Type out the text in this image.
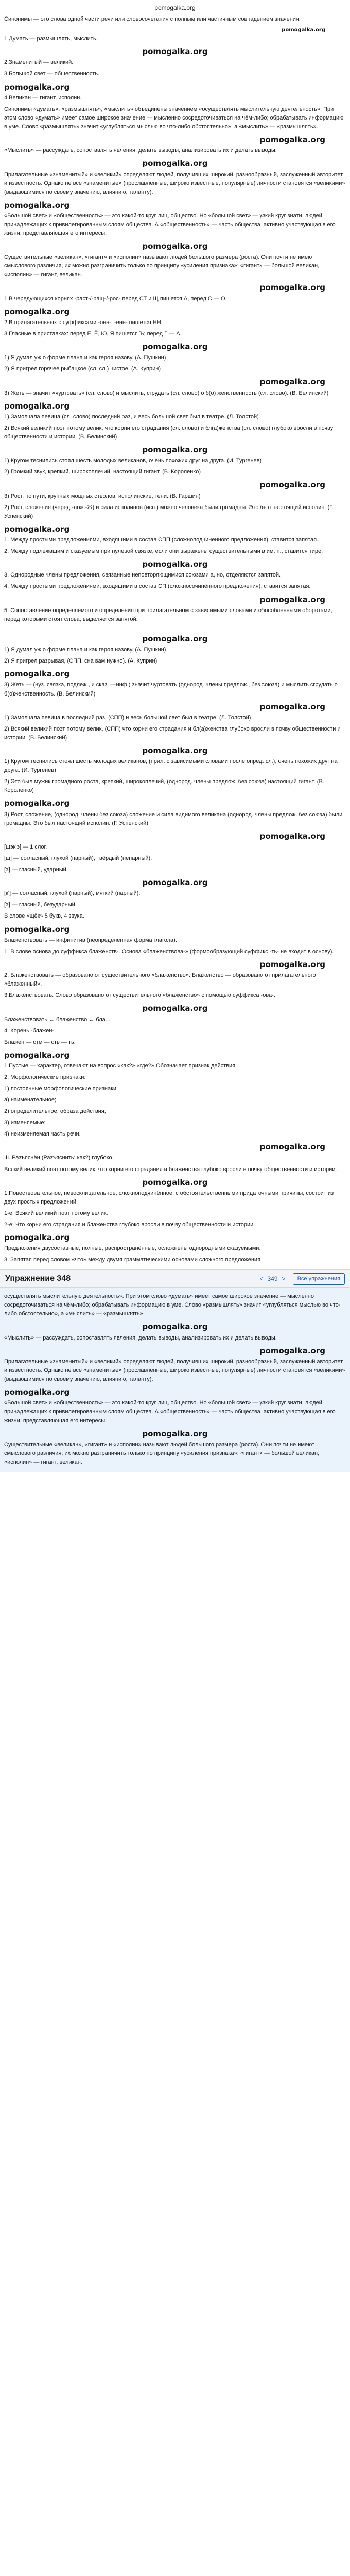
pomogalka.org

Синонимы — это слова одной части речи или словосочетания с полным или частичным совпадением значения.

pomogalka.org

1.Думать — размышлять, мыслить.

pomogalka.org

2.Знаменитый — великий.

3.Большой свет — общественность.

pomogalka.org

4.Великан — гигант, исполин.

Синонимы «думать», «размышлять», «мыслить» объединены значением «осуществлять мыслительную деятельность». При этом слово «думать» имеет самое широкое значение — мысленно сосредоточиваться на чём-либо; обрабатывать информацию в уме. Слово «размышлять» значит «углубляться мыслью во что-либо обстоятельно», а «мыслить» — «размышлять».

pomogalka.org

«Мыслить» — рассуждать, сопоставлять явления, делать выводы, анализировать их и делать выводы.

pomogalka.org

Прилагательные «знаменитый» и «великий» определяют людей, получивших широкий, разнообразный, заслуженный авторитет и известность. Однако не все «знаменитые» (прославленные, широко известные, популярные) личности становятся «великими» (выдающимися по своему значению, влиянию, таланту).

pomogalka.org

«Большой свет» и «общественность» — это какой-то круг лиц, общество. Но «большой свет» — узкий круг знати, людей, принадлежащих к привилегированным слоям общества. А «общественность» — часть общества, активно участвующая в его жизни, представляющая его интересы.

pomogalka.org

Существительные «великан», «гигант» и «исполин» называют людей большого размера (роста). Они почти не имеют смыслового различия, их можно разграничить только по принципу «усиления признака»: «гигант» — большой великан, «исполин» — гигант, великан.

pomogalka.org

1.В чередующихся корнях -раст-/-ращ-/-рос- перед СТ и Щ пишется А, перед С — О.

pomogalka.org

2.В прилагательных с суффиксами -онн-, -енн- пишется НН.

3.Гласные в приставках: перед Е, Ё, Ю, Я пишется Ъ; перед Г — А.

pomogalka.org

1) Я думал уж о форме плана и как героя назову. (А. Пушкин)

2) Я пригрел горячее рыбацкое (сл. сл.) чистое. (А. Куприн)

pomogalka.org

3) Жеть — значит «чуртовать» (сл. слово) и мыслить, сгрудать (сл. слово) о б(о) женственность (сл. слово). (В. Белинский)

pomogalka.org

1) Замолчала певица (сл. слово) последний раз, и весь большой свет был в театре. (Л. Толстой)

2) Всякий великий поэт потому велик, что корни его страдания (сл. слово) и бл(а)женства (сл. слово) глубоко вросли в почву общественности и истории. (В. Белинский)

pomogalka.org

1) Кругом теснились стоял шесть молодых великанов, очень похожих друг на друга. (И. Тургенев)

2) Громкий звук, крепкий, широкоплечий, настоящий гигант. (В. Короленко)

pomogalka.org

3) Рост, по пути, крупных мощных стволов, исполинские, тени. (В. Гаршин)

2) Рост, сложение (черед.-лож.-Ж) и сила исполинов (исп.) можно человека были громадны. Это был настоящий исполин. (Г. Успенский)

pomogalka.org

1. Между простыми предложениями, входящими в состав СПП (сложноподчинённого предложения), ставится запятая.

2. Между подлежащим и сказуемым при нулевой связке, если они выражены существительными в им. п., ставится тире.

pomogalka.org

3. Однородные члены предложения, связанные неповторяющимися союзами а, но, отделяются запятой.

4. Между простыми предложениями, входящими в состав СП (сложносочинённого предложения), ставится запятая.

pomogalka.org

5. Сопоставление определяемого и определения при прилагательном с зависимыми словами и обособленными оборотами, перед которыми стоят слова, выделяется запятой.

pomogalka.org

1) Я думал уж о форме плана и как героя назову. (А. Пушкин)

2) Я пригрел разрывая, (СПП, сна вам нужно). (А. Куприн)

pomogalka.org

3) Жеть — (нуз. связка, подлеж., и сказ. —инф.) значит чуртовать (однород. члены предлож., без союза) и мыслить сгрудать о б(о)женственность. (В. Белинский)

pomogalka.org

1) Замолчала певица в последний раз, (СПП) и весь большой свет был в театре. (Л. Толстой)

2) Всякий великий поэт потому велик, (СПП) что корни его страдания и бл(а)женства глубоко вросли в почву общественности и истории. (В. Белинский)

pomogalka.org

1) Кругом теснились стоял шесть молодых великанов, (прил. с зависимыми словами после опред. сл.), очень похожих друг на друга. (И. Тургенев)

2) Это был мужик громадного роста, крепкий, широкоплечий, (однород. члены предлож. без союза) настоящий гигант. (В. Короленко)

pomogalka.org

3) Рост, сложение, (однород. члены без союза) сложение и сила видимого великана (однород. члены предлож. без союза) были громадны. Это был настоящий исполин. (Г. Успенский)

pomogalka.org

[шэк'э] — 1 слог.

[ш] — согласный, глухой (парный), твёрдый (непарный).

[э] — гласный, ударный.

pomogalka.org

[к'] — согласный, глухой (парный), мягкий (парный).

[э] — гласный, безударный.

В слове «щёк» 5 букв, 4 звука.

pomogalka.org

Блаженствовать — инфинитив (неопределённая форма глагола).

1. В слове основа до суффикса блаженств-. Основа «блаженствова-» (формообразующий суффикс -ть- не входит в основу).

pomogalka.org

2. Блаженствовать — образовано от существительного «блаженство». Блаженство — образовано от прилагательного «блаженный».

3.Блаженствовать. Слово образовано от существительного «блаженство» с помощью суффикса -ова-.

pomogalka.org

Блаженствовать ← блаженство ← бла...

4. Корень -блажен-.

Блажен — стм — ств — ть.

pomogalka.org

1.Пустые — характер, отвечают на вопрос «как?» «где?» Обозначает признак действия.

2. Морфологические признаки:

1) постоянные морфологические признаки:

а) наименательное;

2) определительное, образа действия;

3) изменяемые:

4) неизменяемая часть речи.

pomogalka.org

III. Разъяснён (Разъяснить: как?) глубоко.

Всякий великий поэт потому велик, что корни его страдания и блаженства глубоко вросли в почву общественности и истории.

pomogalka.org

1.Повествовательное, невосклицательное, сложноподчинённое, с обстоятельственными придаточными причины, состоит из двух простых предложений.

1-е: Всякий великий поэт потому велик.

2-е: Что корни его страдания и блаженства глубоко вросли в почву общественности и истории.

pomogalka.org

Предложения двусоставные, полные, распространённые, осложнены однородными сказуемыми.

3. Запятая перед словом «что» между двумя грамматическими основами сложного предложения.

Упражнение 348	< 349 >	Все упражнения

осуществлять мыслительную деятельность». При этом слово «думать» имеет самое широкое значение — мысленно сосредоточиваться на чём-либо; обрабатывать информацию в уме. Слово «размышлять» значит «углубляться мыслью во что-либо обстоятельно», а «мыслить» — «размышлять».

pomogalka.org

«Мыслить» — рассуждать, сопоставлять явления, делать выводы, анализировать их и делать выводы.

pomogalka.org

Прилагательные «знаменитый» и «великий» определяют людей, получивших широкий, разнообразный, заслуженный авторитет и известность. Однако не все «знаменитые» (прославленные, широко известные, популярные) личности становятся «великими» (выдающимися по своему значению, влиянию, таланту).

pomogalka.org

«Большой свет» и «общественность» — это какой-то круг лиц, общество. Но «большой свет» — узкий круг знати, людей, принадлежащих к привилегированным слоям общества. А «общественность» — часть общества, активно участвующая в его жизни, представляющая его интересы.

pomogalka.org

Существительные «великан», «гигант» и «исполин» называют людей большого размера (роста). Они почти не имеют смыслового различия, их можно разграничить только по принципу «усиления признака»: «гигант» — большой великан, «исполин» — гигант, великан.
